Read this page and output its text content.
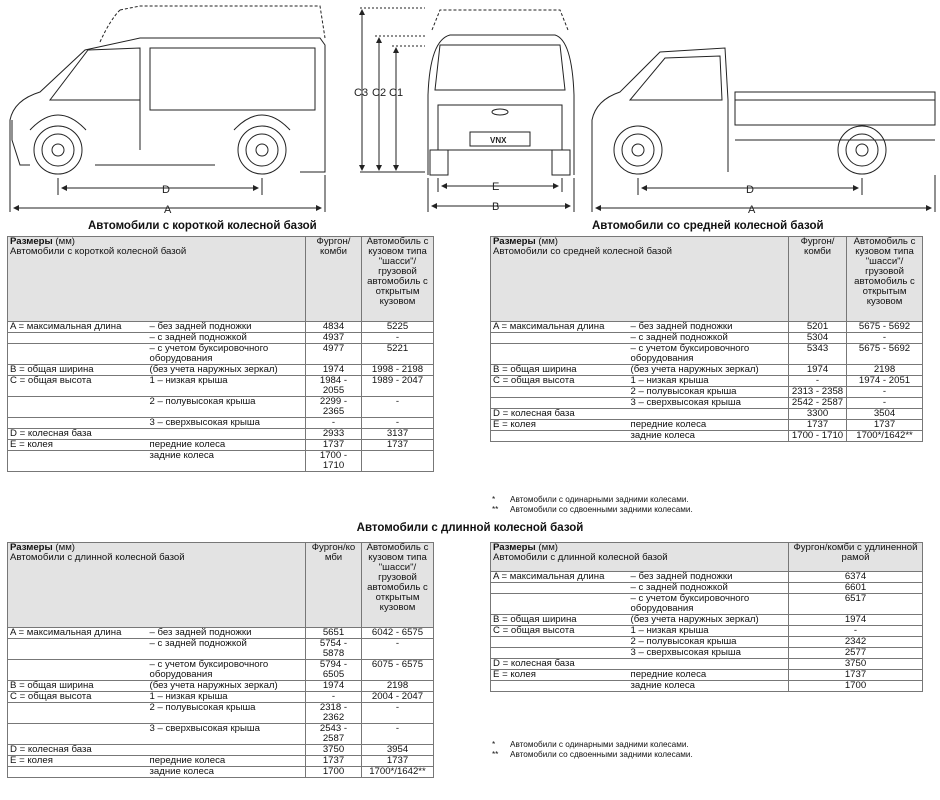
D
A
E
B
D
A
C3 C2 C1
VNX
Автомобили с короткой колесной базой
Размеры (мм)
Автомобили с короткой колесной базой		Фургон/ комби	Автомобиль с кузовом типа "шасси"/ грузовой автомобиль с открытым кузовом
A = максимальная длина	– без задней подножки	4834	5225
	– с задней подножкой	4937	-
	– с учетом буксировочного оборудования	4977	5221
B = общая ширина	(без учета наружных зеркал)	1974	1998 - 2198
C = общая высота	1 – низкая крыша	1984 - 2055	1989 - 2047
	2 – полувысокая крыша	2299 - 2365	-
	3 – сверхвысокая крыша	-	-
D = колесная база		2933	3137
E = колея	передние колеса	1737	1737
	задние колеса	1700 - 1710	
Автомобили со средней колесной базой
Размеры (мм)
Автомобили со средней колесной базой		Фургон/ комби	Автомобиль с кузовом типа "шасси"/ грузовой автомобиль с открытым кузовом
A = максимальная длина	– без задней подножки	5201	5675 - 5692
	– с задней подножкой	5304	-
	– с учетом буксировочного оборудования	5343	5675 - 5692
B = общая ширина	(без учета наружных зеркал)	1974	2198
C = общая высота	1 – низкая крыша	-	1974 - 2051
	2 – полувысокая крыша	2313 - 2358	-
	3 – сверхвысокая крыша	2542 - 2587	-
D = колесная база		3300	3504
E = колея	передние колеса	1737	1737
	задние колеса	1700 - 1710	1700*/1642**
* Автомобили с одинарными задними колесами.
** Автомобили со сдвоенными задними колесами.
Автомобили с длинной колесной базой
Размеры (мм)
Автомобили с длинной колесной базой		Фургон/ко мби	Автомобиль с кузовом типа "шасси"/ грузовой автомобиль с открытым кузовом
A = максимальная длина	– без задней подножки	5651	6042 - 6575
	– с задней подножкой	5754 - 5878	-
	– с учетом буксировочного оборудования	5794 - 6505	6075 - 6575
B = общая ширина	(без учета наружных зеркал)	1974	2198
C = общая высота	1 – низкая крыша	-	2004 - 2047
	2 – полувысокая крыша	2318 - 2362	-
	3 – сверхвысокая крыша	2543 - 2587	-
D = колесная база		3750	3954
E = колея	передние колеса	1737	1737
	задние колеса	1700	1700*/1642**
Размеры (мм)
Автомобили с длинной колесной базой		Фургон/комби с удлиненной рамой
A = максимальная длина	– без задней подножки	6374
	– с задней подножкой	6601
	– с учетом буксировочного оборудования	6517
B = общая ширина	(без учета наружных зеркал)	1974
C = общая высота	1 – низкая крыша	-
	2 – полувысокая крыша	2342
	3 – сверхвысокая крыша	2577
D = колесная база		3750
E = колея	передние колеса	1737
	задние колеса	1700
* Автомобили с одинарными задними колесами.
** Автомобили со сдвоенными задними колесами.
